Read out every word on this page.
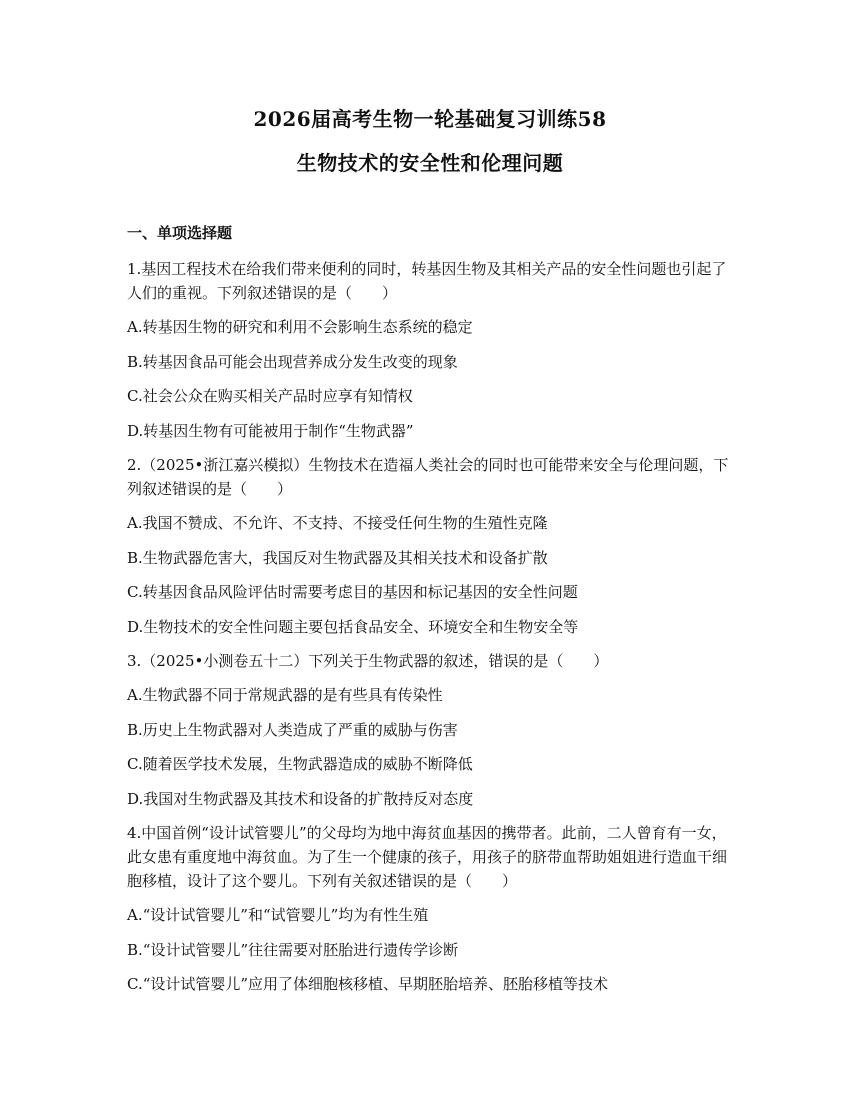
2026届高考生物一轮基础复习训练58
生物技术的安全性和伦理问题
一、单项选择题
1.基因工程技术在给我们带来便利的同时，转基因生物及其相关产品的安全性问题也引起了人们的重视。下列叙述错误的是（　　）
A.转基因生物的研究和利用不会影响生态系统的稳定
B.转基因食品可能会出现营养成分发生改变的现象
C.社会公众在购买相关产品时应享有知情权
D.转基因生物有可能被用于制作“生物武器”
2.（2025•浙江嘉兴模拟）生物技术在造福人类社会的同时也可能带来安全与伦理问题，下列叙述错误的是（　　）
A.我国不赞成、不允许、不支持、不接受任何生物的生殖性克隆
B.生物武器危害大，我国反对生物武器及其相关技术和设备扩散
C.转基因食品风险评估时需要考虑目的基因和标记基因的安全性问题
D.生物技术的安全性问题主要包括食品安全、环境安全和生物安全等
3.（2025•小测卷五十二）下列关于生物武器的叙述，错误的是（　　）
A.生物武器不同于常规武器的是有些具有传染性
B.历史上生物武器对人类造成了严重的威胁与伤害
C.随着医学技术发展，生物武器造成的威胁不断降低
D.我国对生物武器及其技术和设备的扩散持反对态度
4.中国首例“设计试管婴儿”的父母均为地中海贫血基因的携带者。此前，二人曾育有一女，此女患有重度地中海贫血。为了生一个健康的孩子，用孩子的脐带血帮助姐姐进行造血干细胞移植，设计了这个婴儿。下列有关叙述错误的是（　　）
A.“设计试管婴儿”和“试管婴儿”均为有性生殖
B.“设计试管婴儿”往往需要对胚胎进行遗传学诊断
C.“设计试管婴儿”应用了体细胞核移植、早期胚胎培养、胚胎移植等技术
